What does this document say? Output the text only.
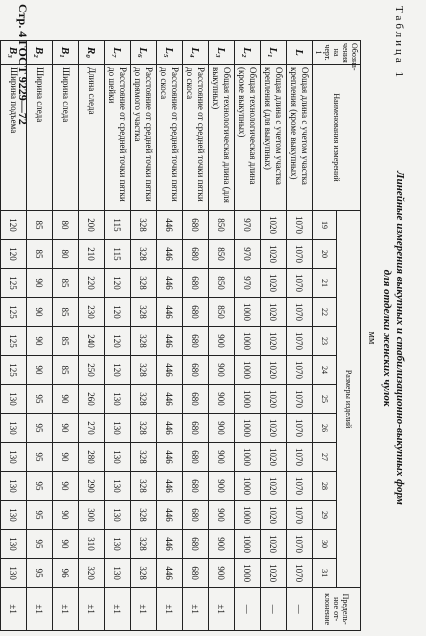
Стр. 4 ГОСТ 9229—72	Таблица 1
Линейные измерения выкупных и стабилизационно-выкупных форм
для отделки женских чулок
мм
Обозна-чения на черт. 1	Наименования измерений	Размеры изделий													Предель-ное от-клонение
		19	20	21	22	23	24	25	26	27	28	29	30	31	
L	Общая длина с учетом участка крепления (кроме выкупных)	1070	1070	1070	1070	1070	1070	1070	1070	1070	1070	1070	1070	1070	—
L₁	Общая длина с учетом участка крепления (для выкупных)	1020	1020	1020	1020	1020	1020	1020	1020	1020	1020	1020	1020	1020	—
L₂	Общая технологическая длина (кроме выкупных)	970	970	970	1000	1000	1000	1000	1000	1000	1000	1000	1000	1000	—
L₃	Общая технологическая длина (для выкупных)	850	850	850	850	900	900	900	900	900	900	900	900	900	±1
L₄	Расстояние от средней точки пятки до скоса	680	680	680	680	680	680	680	680	680	680	680	680	680	±1
L₅	Расстояние от средней точки пятки до скоса	446	446	446	446	446	446	446	446	446	446	446	446	446	±1
L₆	Расстояние от средней точки пятки до прямого участка	328	328	328	328	328	328	328	328	328	328	328	328	328	±1
L₇	Расстояние от средней точки пятки до шейки	115	115	120	120	120	120	130	130	130	130	130	130	130	±1
R₀	Длина следа	200	210	220	230	240	250	260	270	280	290	300	310	320	±1
B₁	Ширина следа	80	80	85	85	85	85	90	90	90	90	90	90	96	±1
B₂	Ширина следа	85	85	90	90	90	90	95	95	95	95	95	95	95	±1
B₃	Ширина подъема	120	120	125	125	125	125	130	130	130	130	130	130	130	±1
